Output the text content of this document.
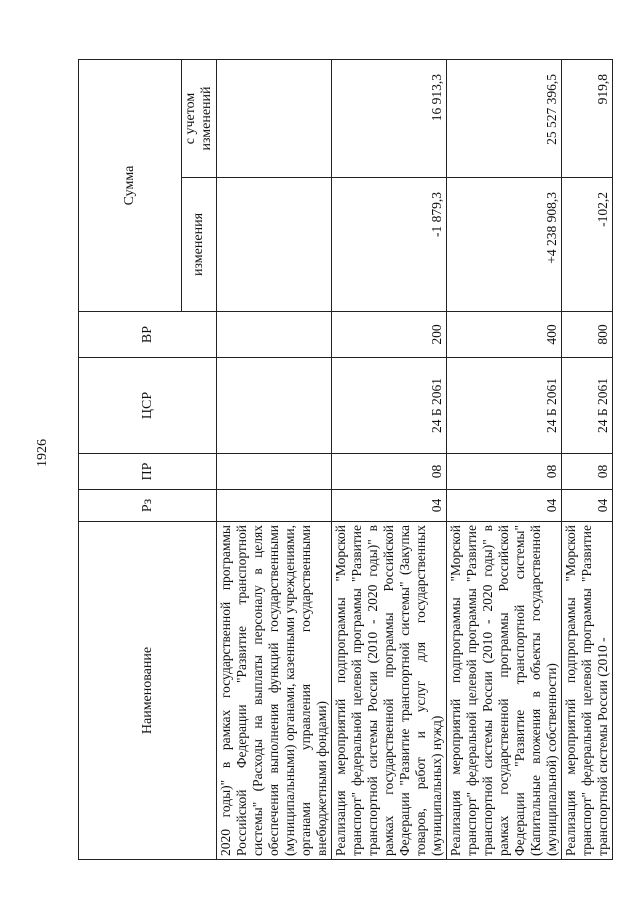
1926
Наименование	Рз	ПР	ЦСР	ВР	Сумма	
					изменения	с учетом изменений
2020 годы)" в рамках государственной программы Российской Федерации "Развитие транспортной системы" (Расходы на выплаты персоналу в целях обеспечения выполнения функций государственными (муниципальными) органами, казенными учреждениями, органами управления государственными внебюджетными фондами)						
Реализация мероприятий подпрограммы "Морской транспорт" федеральной целевой программы "Развитие транспортной системы России (2010 - 2020 годы)" в рамках государственной программы Российской Федерации "Развитие транспортной системы" (Закупка товаров, работ и услуг для государственных (муниципальных) нужд)	04	08	24 Б 2061	200	-1 879,3	16 913,3
Реализация мероприятий подпрограммы "Морской транспорт" федеральной целевой программы "Развитие транспортной системы России (2010 - 2020 годы)" в рамках государственной программы Российской Федерации "Развитие транспортной системы" (Капитальные вложения в объекты государственной (муниципальной) собственности)	04	08	24 Б 2061	400	+4 238 908,3	25 527 396,5
Реализация мероприятий подпрограммы "Морской транспорт" федеральной целевой программы "Развитие транспортной системы России (2010 -	04	08	24 Б 2061	800	-102,2	919,8
